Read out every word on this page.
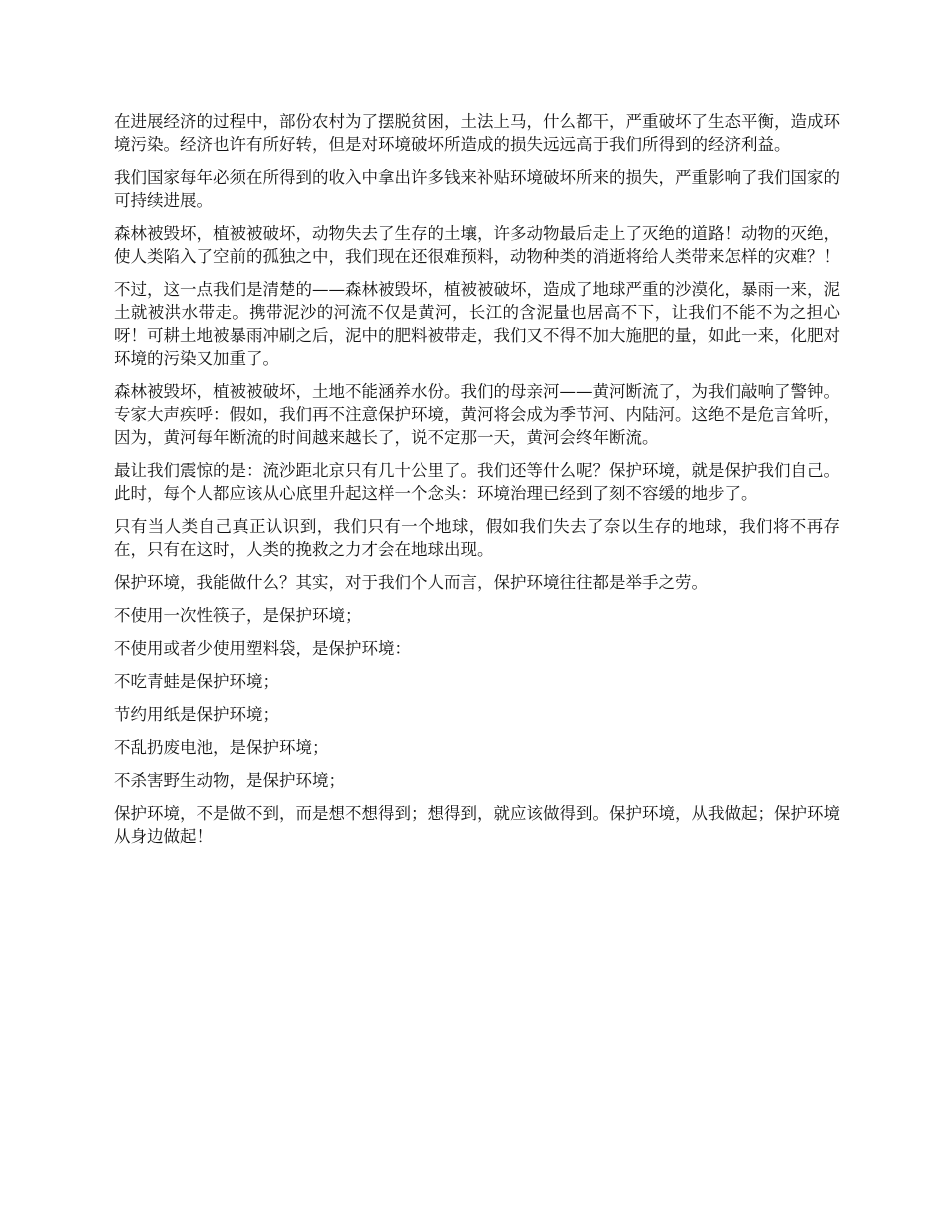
在进展经济的过程中，部份农村为了摆脱贫困，土法上马，什么都干，严重破坏了生态平衡，造成环境污染。经济也许有所好转，但是对环境破坏所造成的损失远远高于我们所得到的经济利益。

我们国家每年必须在所得到的收入中拿出许多钱来补贴环境破坏所来的损失，严重影响了我们国家的可持续进展。

森林被毁坏，植被被破坏，动物失去了生存的土壤，许多动物最后走上了灭绝的道路！动物的灭绝，使人类陷入了空前的孤独之中，我们现在还很难预料，动物种类的消逝将给人类带来怎样的灾难？！

不过，这一点我们是清楚的——森林被毁坏，植被被破坏，造成了地球严重的沙漠化，暴雨一来，泥土就被洪水带走。携带泥沙的河流不仅是黄河，长江的含泥量也居高不下，让我们不能不为之担心呀！可耕土地被暴雨冲刷之后，泥中的肥料被带走，我们又不得不加大施肥的量，如此一来，化肥对环境的污染又加重了。

森林被毁坏，植被被破坏，土地不能涵养水份。我们的母亲河——黄河断流了，为我们敲响了警钟。专家大声疾呼：假如，我们再不注意保护环境，黄河将会成为季节河、内陆河。这绝不是危言耸听，因为，黄河每年断流的时间越来越长了，说不定那一天，黄河会终年断流。

最让我们震惊的是：流沙距北京只有几十公里了。我们还等什么呢？保护环境，就是保护我们自己。此时，每个人都应该从心底里升起这样一个念头：环境治理已经到了刻不容缓的地步了。

只有当人类自己真正认识到，我们只有一个地球，假如我们失去了奈以生存的地球，我们将不再存在，只有在这时，人类的挽救之力才会在地球出现。

保护环境，我能做什么？其实，对于我们个人而言，保护环境往往都是举手之劳。

不使用一次性筷子，是保护环境；

不使用或者少使用塑料袋，是保护环境：

不吃青蛙是保护环境；

节约用纸是保护环境；

不乱扔废电池，是保护环境；

不杀害野生动物，是保护环境；

保护环境，不是做不到，而是想不想得到；想得到，就应该做得到。保护环境，从我做起；保护环境从身边做起！
